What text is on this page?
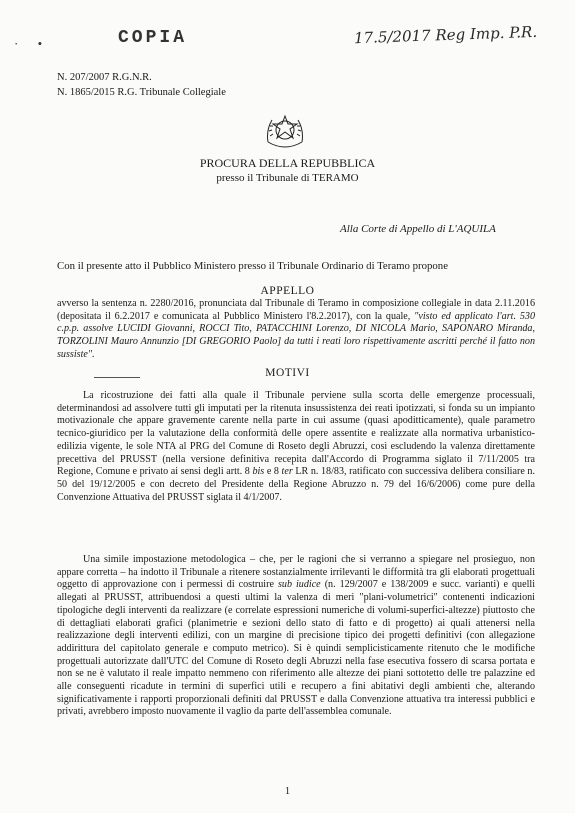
· •	COPIA	17.5/2017 Reg Imp. P.R.
N. 207/2007 R.G.N.R.
N. 1865/2015 R.G. Tribunale Collegiale
PROCURA DELLA REPUBBLICA
presso il Tribunale di TERAMO
Alla Corte di Appello di L'AQUILA
Con il presente atto il Pubblico Ministero presso il Tribunale Ordinario di Teramo propone
APPELLO
avverso la sentenza n. 2280/2016, pronunciata dal Tribunale di Teramo in composizione collegiale in data 2.11.2016 (depositata il 6.2.2017 e comunicata al Pubblico Ministero l'8.2.2017), con la quale, "visto ed applicato l'art. 530 c.p.p. assolve LUCIDI Giovanni, ROCCI Tito, PATACCHINI Lorenzo, DI NICOLA Mario, SAPONARO Miranda, TORZOLINI Mauro Annunzio [DI GREGORIO Paolo] da tutti i reati loro rispettivamente ascritti perché il fatto non sussiste".
MOTIVI
La ricostruzione dei fatti alla quale il Tribunale perviene sulla scorta delle emergenze processuali, determinandosi ad assolvere tutti gli imputati per la ritenuta insussistenza dei reati ipotizzati, si fonda su un impianto motivazionale che appare gravemente carente nella parte in cui assume (quasi apoditticamente), quale parametro tecnico-giuridico per la valutazione della conformità delle opere assentite e realizzate alla normativa urbanistico-edilizia vigente, le sole NTA al PRG del Comune di Roseto degli Abruzzi, così escludendo la valenza direttamente precettiva del PRUSST (nella versione definitiva recepita dall'Accordo di Programma siglato il 7/11/2005 tra Regione, Comune e privato ai sensi degli artt. 8 bis e 8 ter LR n. 18/83, ratificato con successiva delibera consiliare n. 50 del 19/12/2005 e con decreto del Presidente della Regione Abruzzo n. 79 del 16/6/2006) come pure della Convenzione Attuativa del PRUSST siglata il 4/1/2007.
Una simile impostazione metodologica – che, per le ragioni che si verranno a spiegare nel prosieguo, non appare corretta – ha indotto il Tribunale a ritenere sostanzialmente irrilevanti le difformità tra gli elaborati progettuali oggetto di approvazione con i permessi di costruire sub iudice (n. 129/2007 e 138/2009 e succ. varianti) e quelli allegati al PRUSST, attribuendosi a questi ultimi la valenza di meri "plani-volumetrici" contenenti indicazioni tipologiche degli interventi da realizzare (e correlate espressioni numeriche di volumi-superfici-altezze) piuttosto che di dettagliati elaborati grafici (planimetrie e sezioni dello stato di fatto e di progetto) ai quali attenersi nella realizzazione degli interventi edilizi, con un margine di precisione tipico dei progetti definitivi (con allegazione addirittura del capitolato generale e computo metrico). Si è quindi semplicisticamente ritenuto che le modifiche progettuali autorizzate dall'UTC del Comune di Roseto degli Abruzzi nella fase esecutiva fossero di scarsa portata e non se ne è valutato il reale impatto nemmeno con riferimento alle altezze dei piani sottotetto delle tre palazzine ed alle conseguenti ricadute in termini di superfici utili e recupero a fini abitativi degli ambienti che, alterando significativamente i rapporti proporzionali definiti dal PRUSST e dalla Convenzione attuativa tra interessi pubblici e privati, avrebbero imposto nuovamente il vaglio da parte dell'assemblea comunale.
1
